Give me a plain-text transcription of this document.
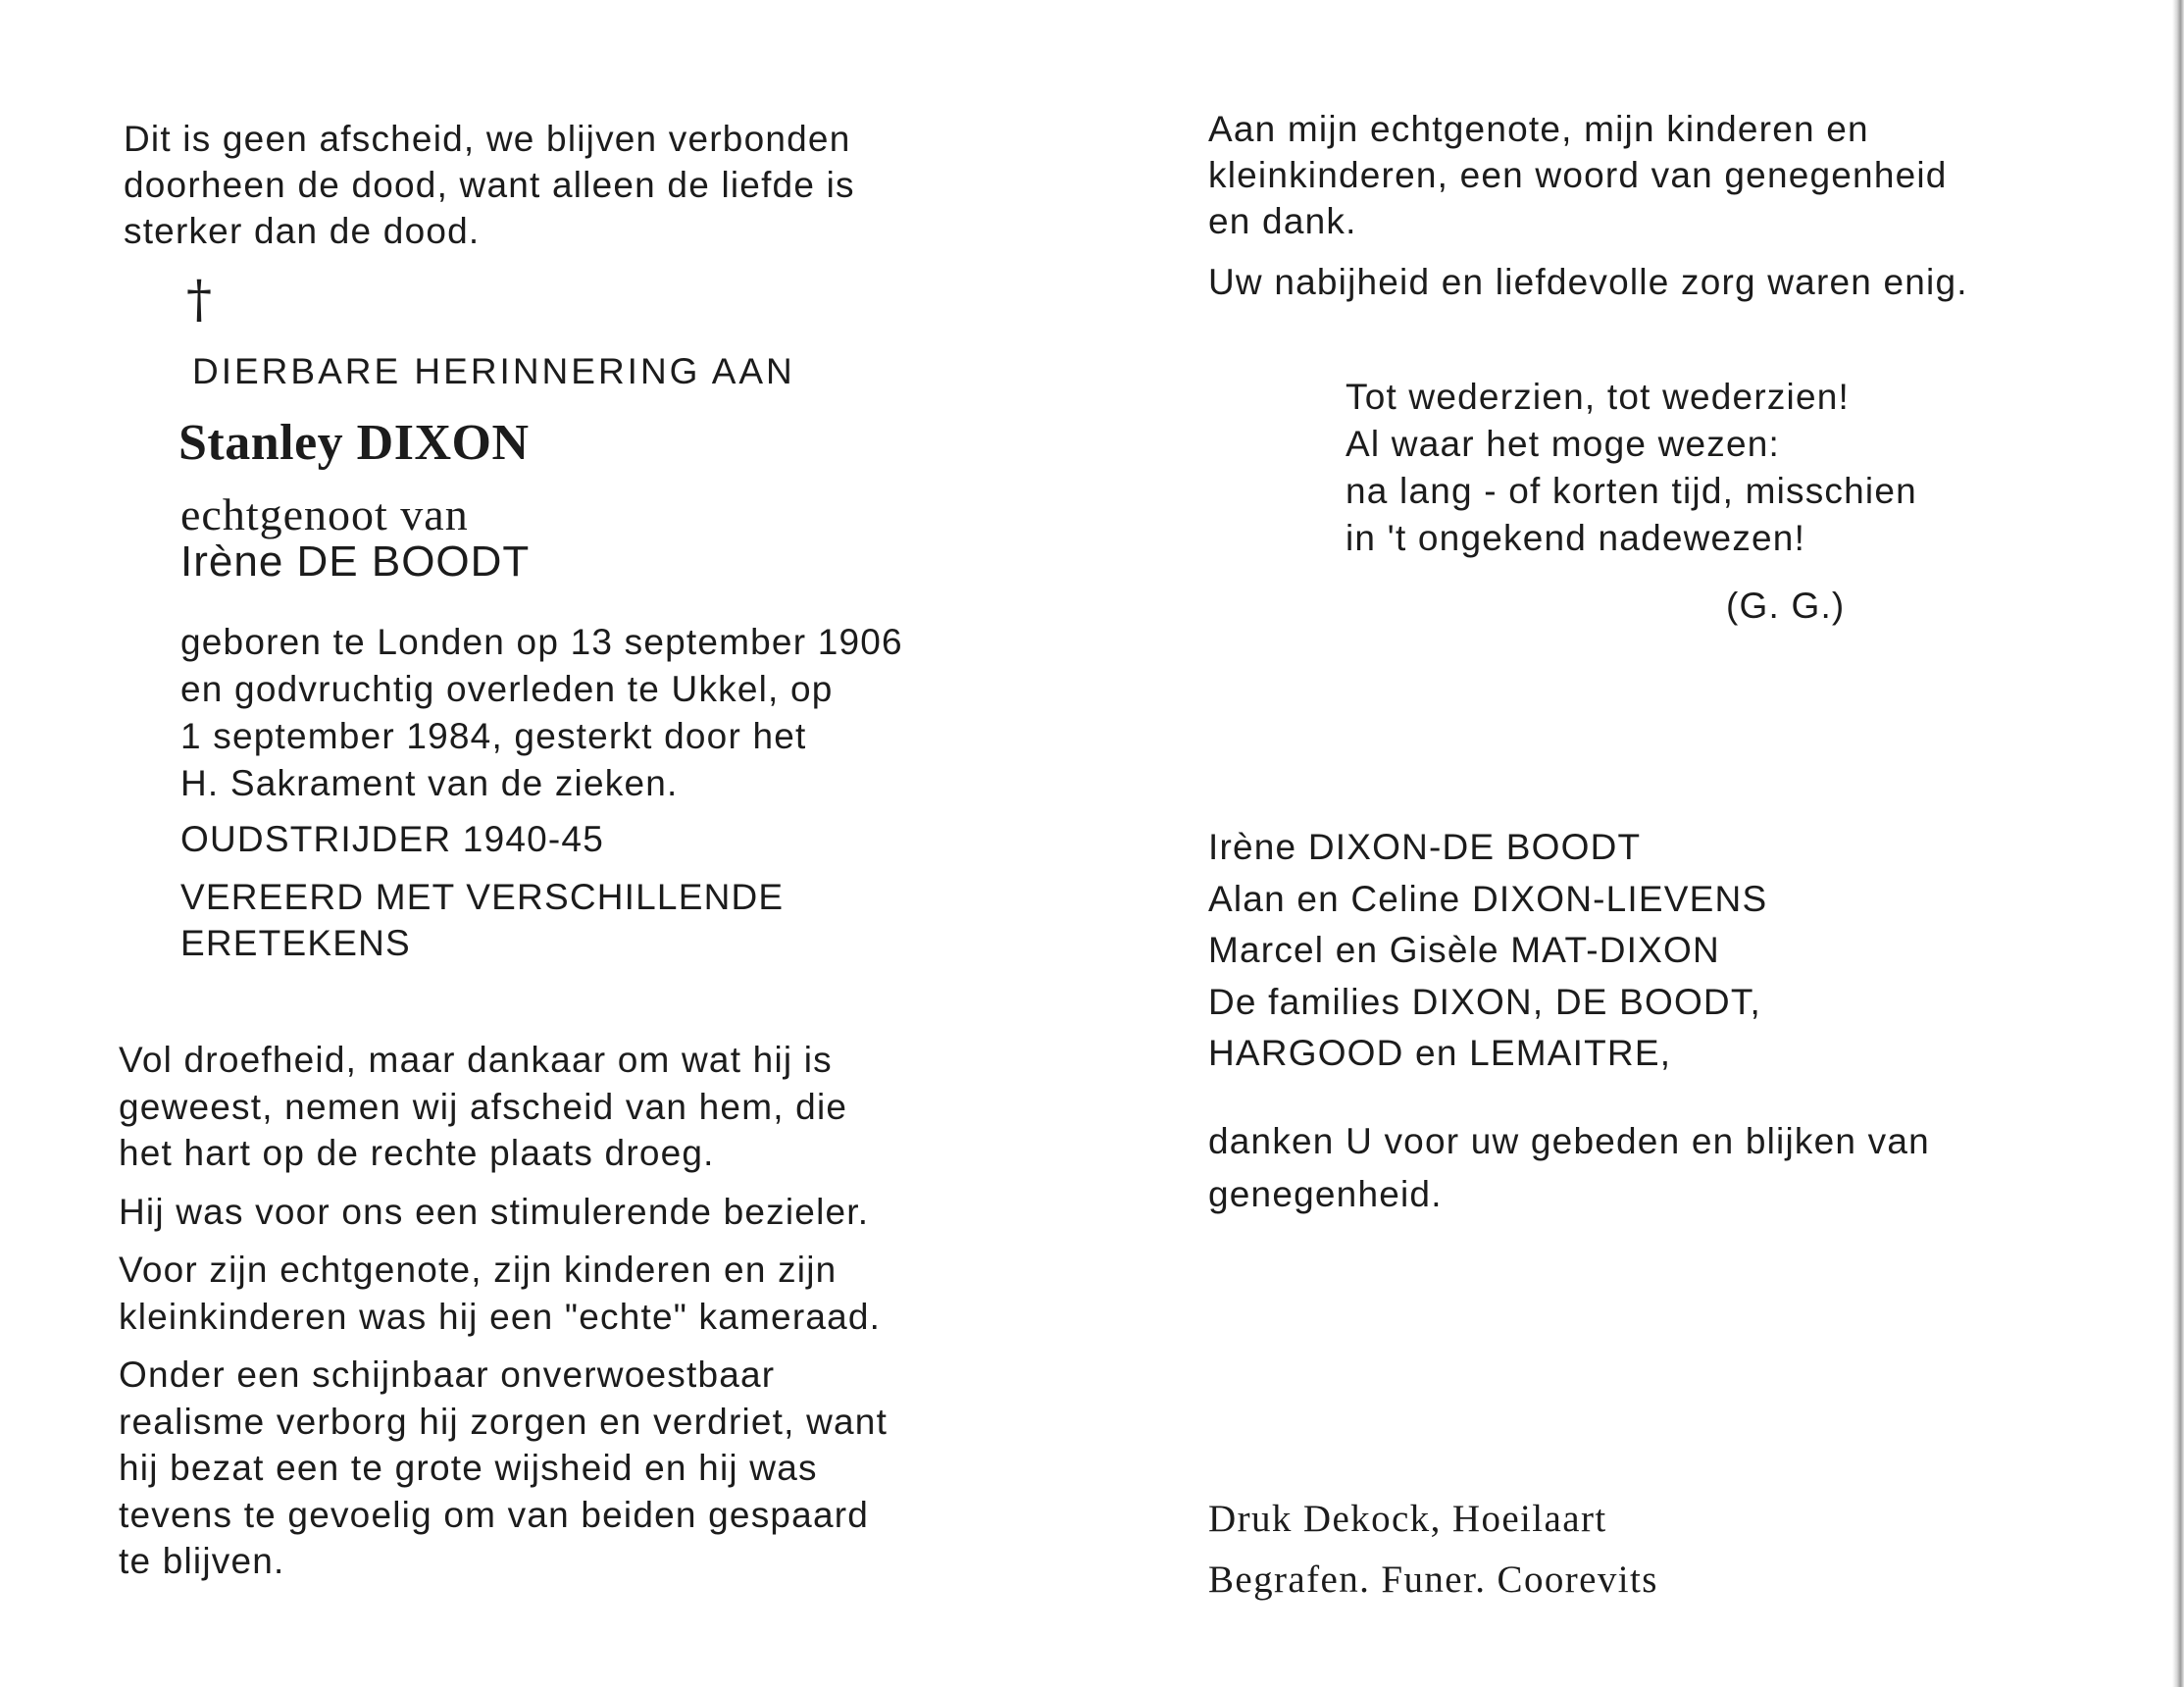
Dit is geen afscheid, we blijven verbonden
doorheen de dood, want alleen de liefde is
sterker dan de dood.
†
DIERBARE HERINNERING AAN
Stanley DIXON
echtgenoot van
Irène DE BOODT
geboren te Londen op 13 september 1906
en godvruchtig overleden te Ukkel, op
1 september 1984, gesterkt door het
H. Sakrament van de zieken.
OUDSTRIJDER 1940-45
VEREERD MET VERSCHILLENDE
ERETEKENS
Vol droefheid, maar dankaar om wat hij is
geweest, nemen wij afscheid van hem, die
het hart op de rechte plaats droeg.
Hij was voor ons een stimulerende bezieler.
Voor zijn echtgenote, zijn kinderen en zijn
kleinkinderen was hij een "echte" kameraad.
Onder een schijnbaar onverwoestbaar
realisme verborg hij zorgen en verdriet, want
hij bezat een te grote wijsheid en hij was
tevens te gevoelig om van beiden gespaard
te blijven.
Aan mijn echtgenote, mijn kinderen en
kleinkinderen, een woord van genegenheid
en dank.
Uw nabijheid en liefdevolle zorg waren enig.
Tot wederzien, tot wederzien!
Al waar het moge wezen:
na lang - of korten tijd, misschien
in 't ongekend nadewezen!
(G. G.)
Irène DIXON-DE BOODT
Alan en Celine DIXON-LIEVENS
Marcel en Gisèle MAT-DIXON
De families DIXON, DE BOODT,
HARGOOD en LEMAITRE,
danken U voor uw gebeden en blijken van
genegenheid.
Druk Dekock, Hoeilaart
Begrafen. Funer. Coorevits
